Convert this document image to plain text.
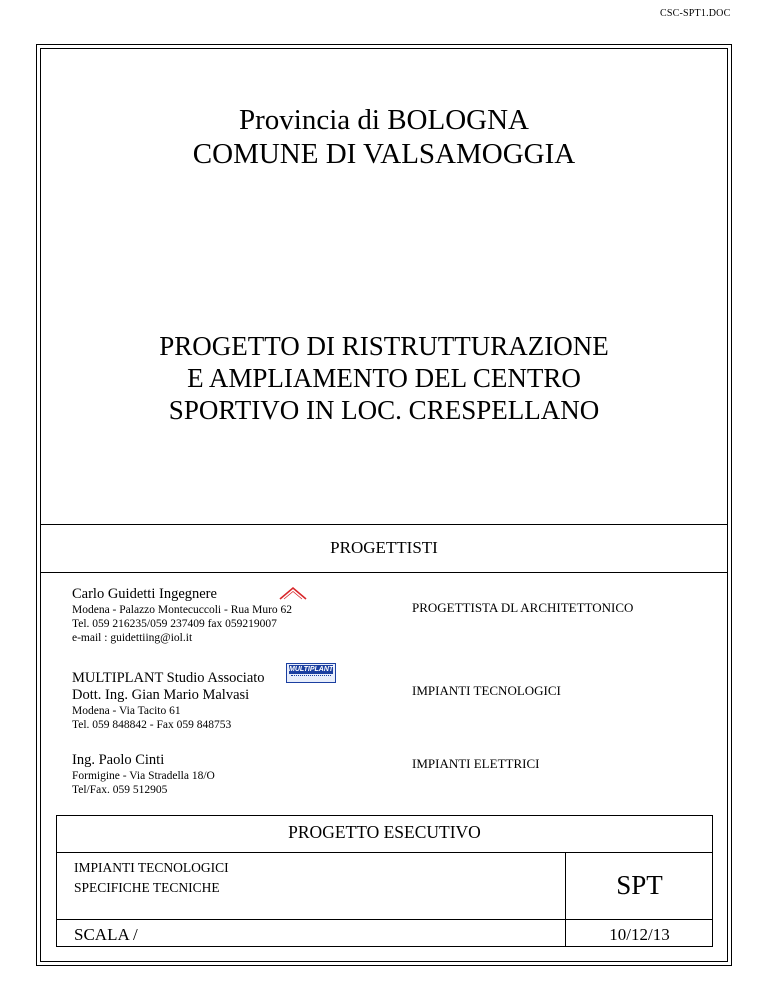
CSC-SPT1.DOC
Provincia di BOLOGNA
COMUNE DI VALSAMOGGIA
PROGETTO DI RISTRUTTURAZIONE
E AMPLIAMENTO DEL CENTRO
SPORTIVO IN LOC. CRESPELLANO
PROGETTISTI
Carlo Guidetti Ingegnere
Modena - Palazzo Montecuccoli - Rua Muro 62
Tel. 059 216235/059 237409 fax 059219007
e-mail : guidettiing@iol.it
PROGETTISTA DL ARCHITETTONICO
MULTIPLANT Studio Associato
Dott. Ing. Gian Mario Malvasi
Modena - Via Tacito 61
Tel. 059 848842 - Fax 059 848753
MULTIPLANT
IMPIANTI TECNOLOGICI
Ing. Paolo Cinti
Formigine - Via Stradella 18/O
Tel/Fax. 059 512905
IMPIANTI ELETTRICI
PROGETTO ESECUTIVO
IMPIANTI TECNOLOGICI
SPECIFICHE TECNICHE	SPT
SCALA /	10/12/13
